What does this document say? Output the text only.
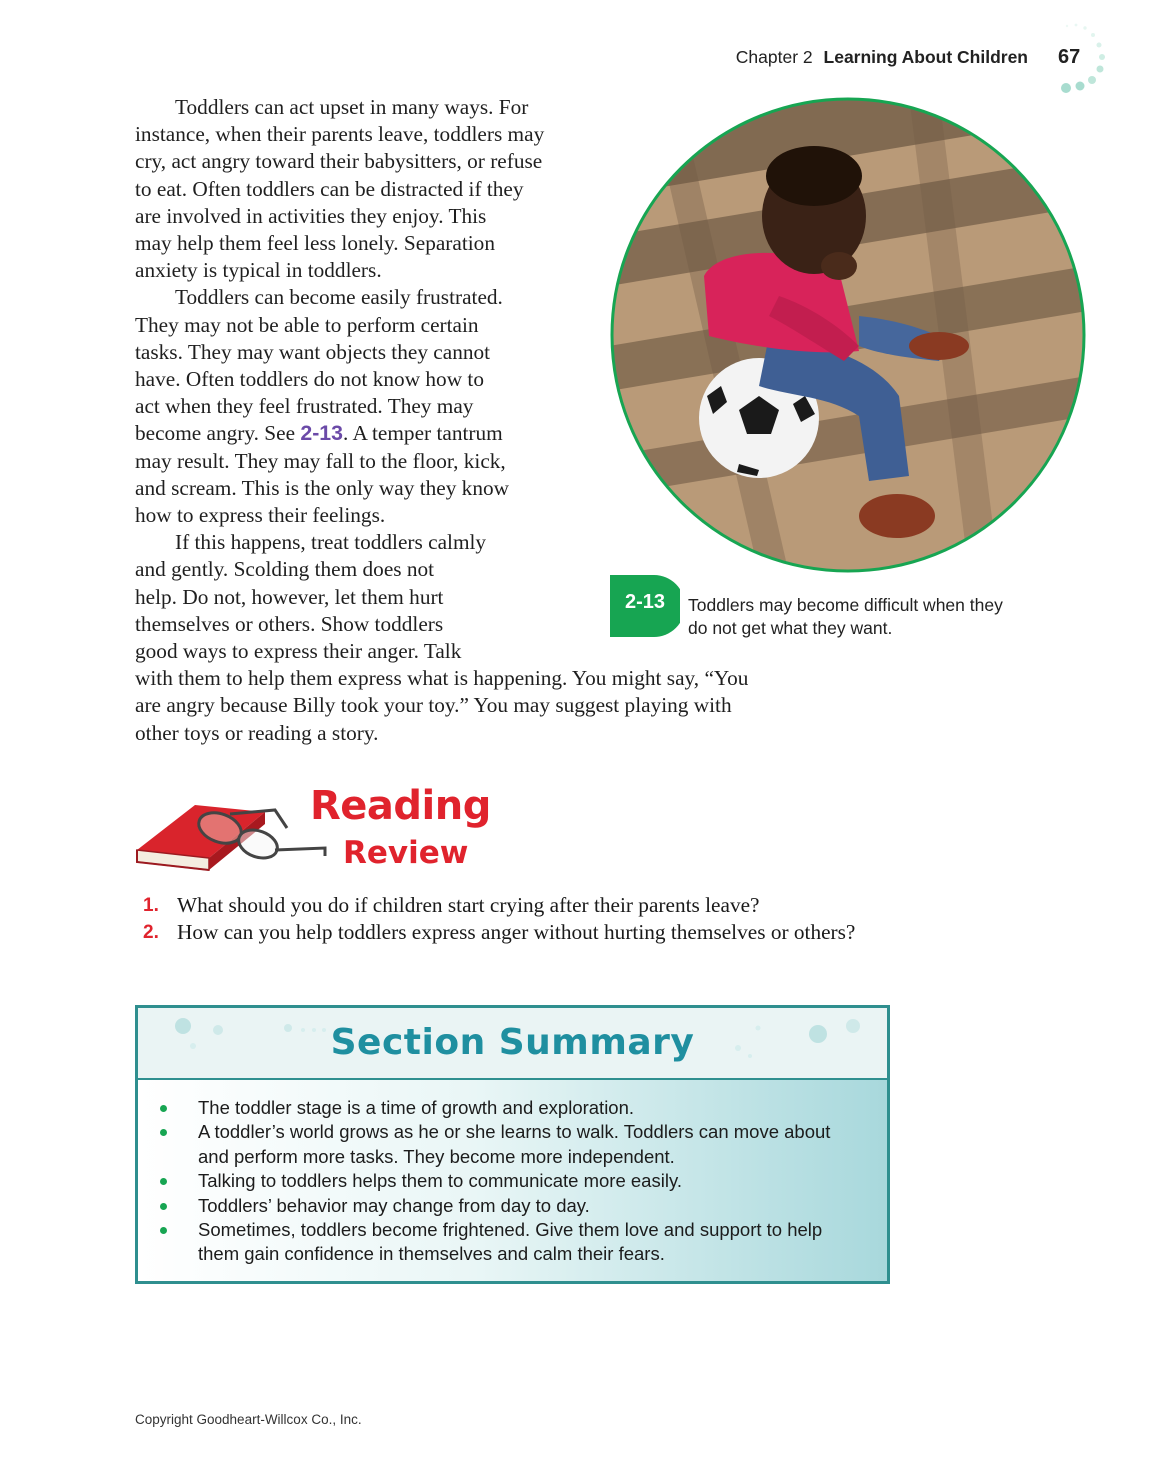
Chapter 2 Learning About Children 67
Toddlers can act upset in many ways. For
instance, when their parents leave, toddlers may
cry, act angry toward their babysitters, or refuse
to eat. Often toddlers can be distracted if they
are involved in activities they enjoy. This
may help them feel less lonely. Separation
anxiety is typical in toddlers.
Toddlers can become easily frustrated.
They may not be able to perform certain
tasks. They may want objects they cannot
have. Often toddlers do not know how to
act when they feel frustrated. They may
become angry. See 2-13. A temper tantrum
may result. They may fall to the floor, kick,
and scream. This is the only way they know
how to express their feelings.
If this happens, treat toddlers calmly
and gently. Scolding them does not
help. Do not, however, let them hurt
themselves or others. Show toddlers
good ways to express their anger. Talk
with them to help them express what is happening. You might say, “You
are angry because Billy took your toy.” You may suggest playing with
other toys or reading a story.
2-13	Toddlers may become difficult when they
do not get what they want.
Reading
Review

1. What should you do if children start crying after their parents leave?

2. How can you help toddlers express anger without hurting themselves or others?

Section Summary
The toddler stage is a time of growth and exploration.
A toddler’s world grows as he or she learns to walk. Toddlers can move about and perform more tasks. They become more independent.
Talking to toddlers helps them to communicate more easily.
Toddlers’ behavior may change from day to day.
Sometimes, toddlers become frightened. Give them love and support to help them gain confidence in themselves and calm their fears.
Copyright Goodheart-Willcox Co., Inc.
